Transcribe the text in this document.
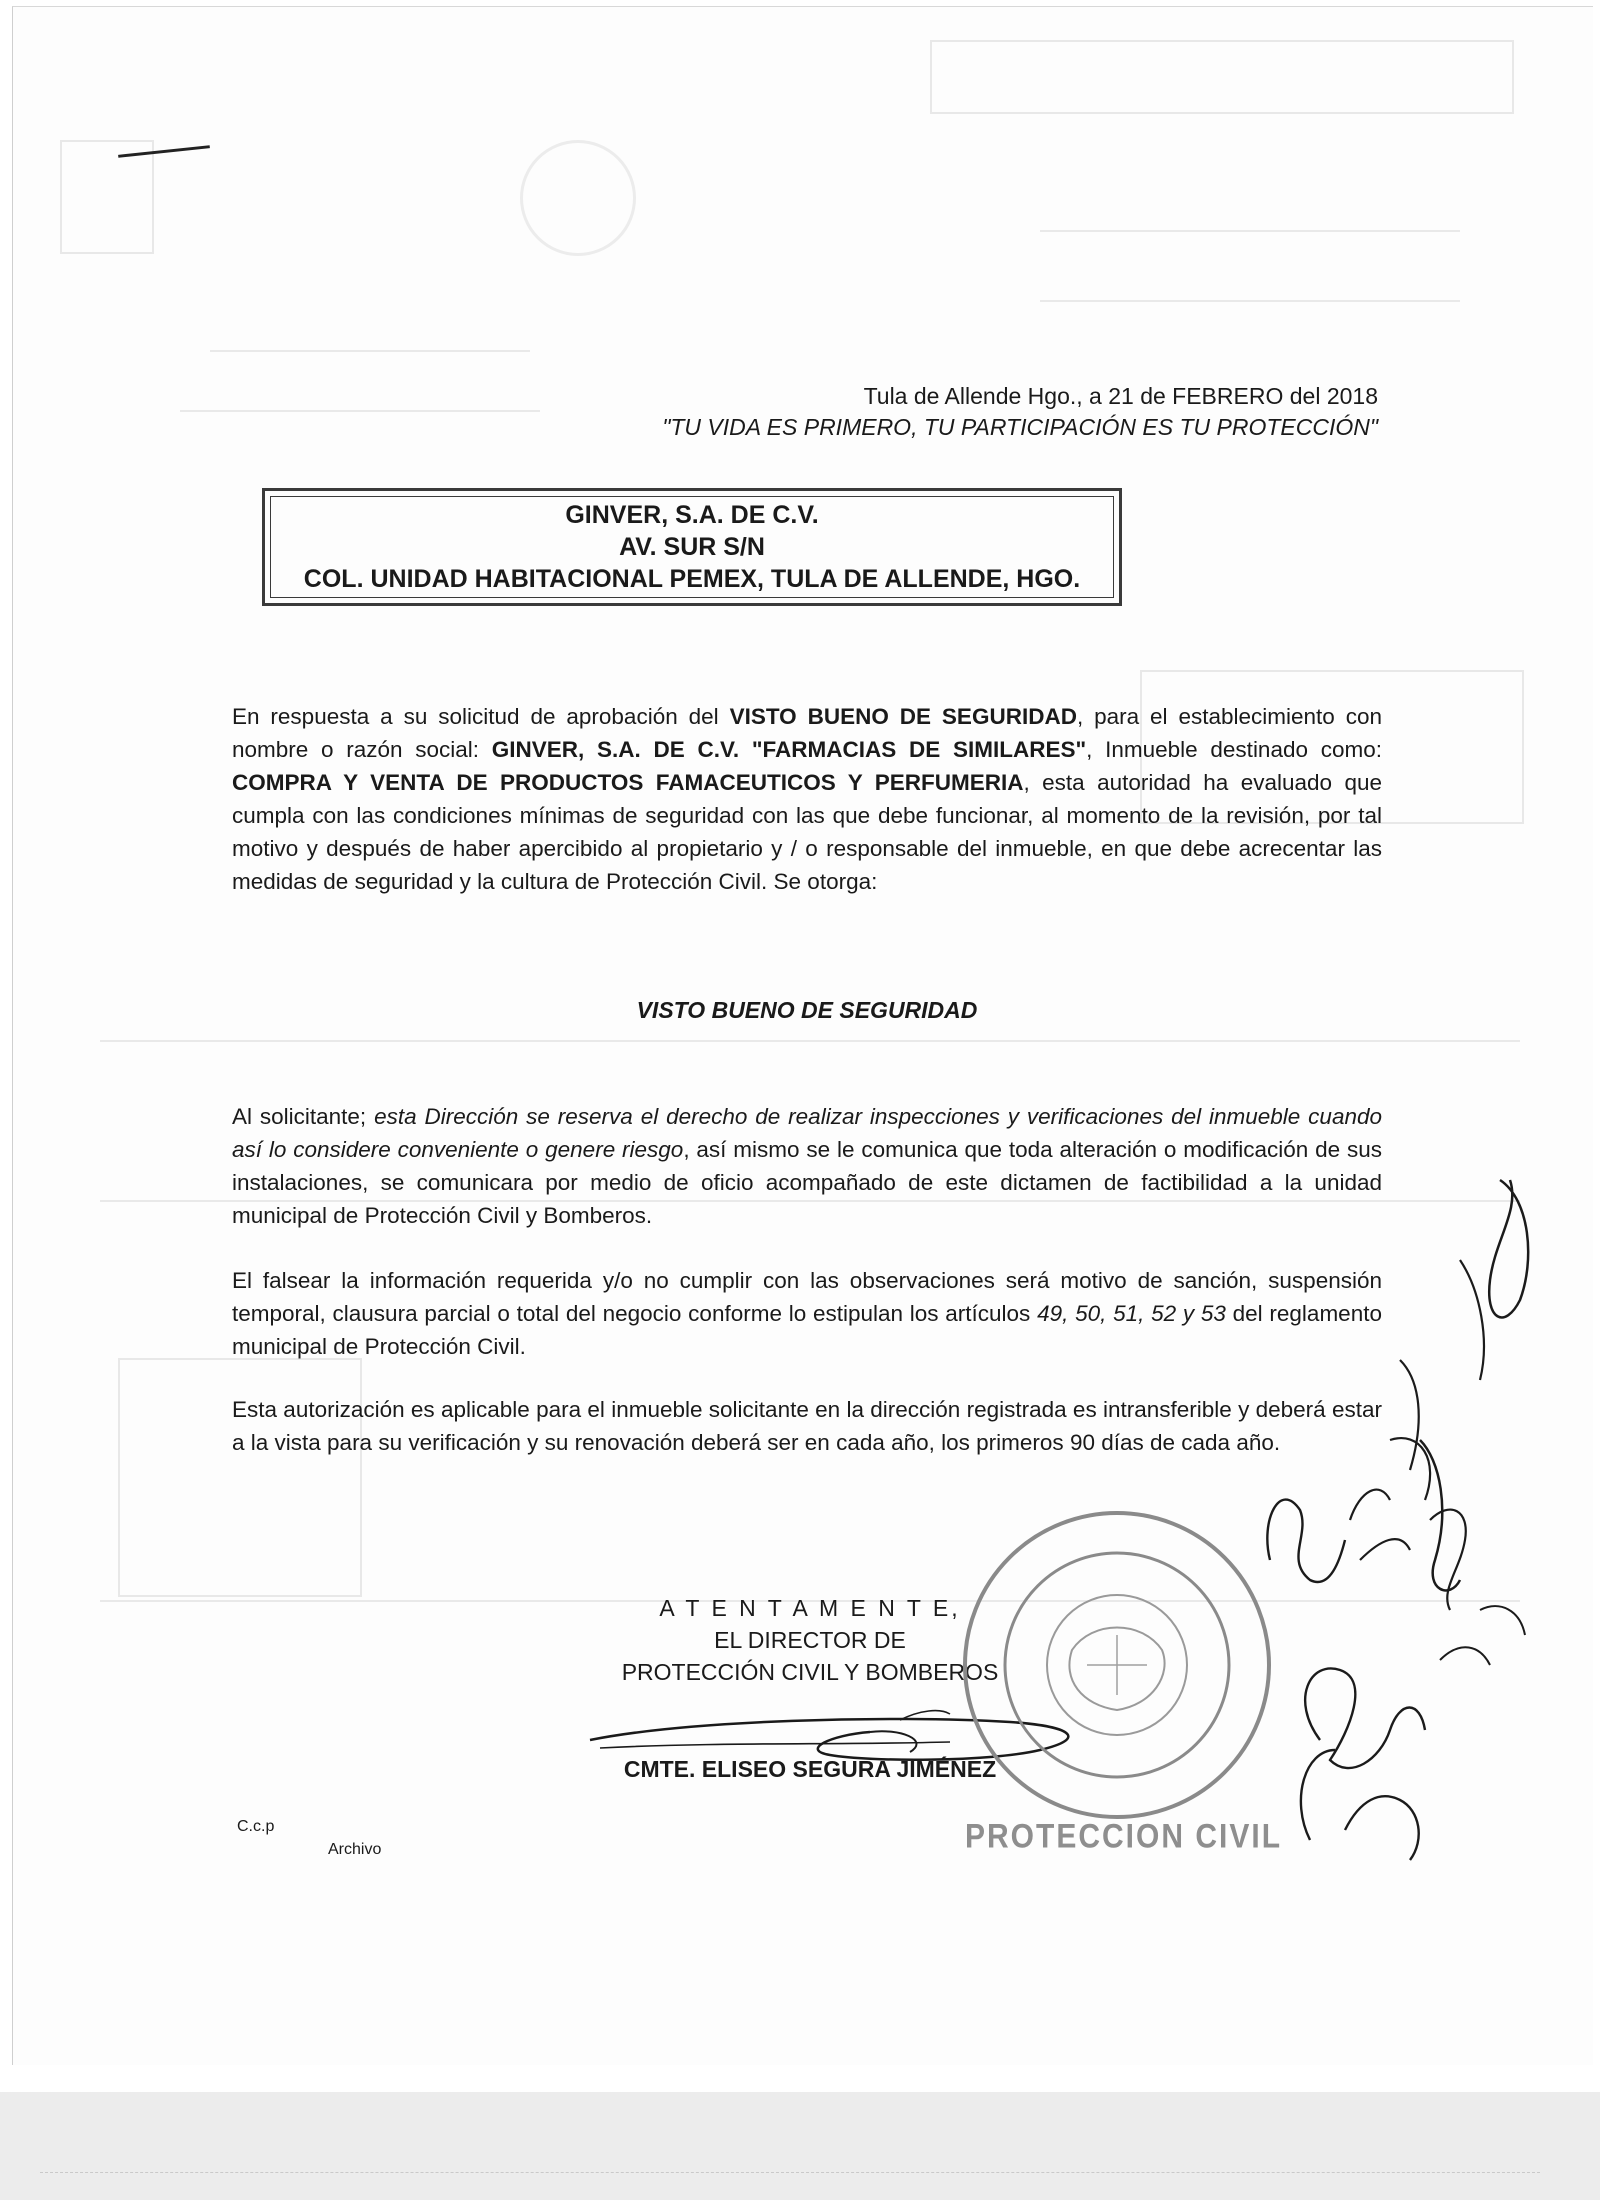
Tula de Allende Hgo., a 21 de FEBRERO del 2018
"TU VIDA ES PRIMERO, TU PARTICIPACIÓN ES TU PROTECCIÓN"
GINVER, S.A. DE C.V.
AV. SUR S/N
COL. UNIDAD HABITACIONAL PEMEX, TULA DE ALLENDE, HGO.
En respuesta a su solicitud de aprobación del VISTO BUENO DE SEGURIDAD, para el establecimiento con nombre o razón social: GINVER, S.A. DE C.V. "FARMACIAS DE SIMILARES", Inmueble destinado como: COMPRA Y VENTA DE PRODUCTOS FAMACEUTICOS Y PERFUMERIA, esta autoridad ha evaluado que cumpla con las condiciones mínimas de seguridad con las que debe funcionar, al momento de la revisión, por tal motivo y después de haber apercibido al propietario y / o responsable del inmueble, en que debe acrecentar las medidas de seguridad y la cultura de Protección Civil. Se otorga:
VISTO BUENO DE SEGURIDAD
Al solicitante; esta Dirección se reserva el derecho de realizar inspecciones y verificaciones del inmueble cuando así lo considere conveniente o genere riesgo, así mismo se le comunica que toda alteración o modificación de sus instalaciones, se comunicara por medio de oficio acompañado de este dictamen de factibilidad a la unidad municipal de Protección Civil y Bomberos.
El falsear la información requerida y/o no cumplir con las observaciones será motivo de sanción, suspensión temporal, clausura parcial o total del negocio conforme lo estipulan los artículos 49, 50, 51, 52 y 53 del reglamento municipal de Protección Civil.
Esta autorización es aplicable para el inmueble solicitante en la dirección registrada es intransferible y deberá estar a la vista para su verificación y su renovación deberá ser en cada año, los primeros 90 días de cada año.
A T E N T A M E N T E,
EL DIRECTOR DE
PROTECCIÓN CIVIL Y BOMBEROS
CMTE. ELISEO SEGURA JIMÉNEZ
C.c.p
Archivo	PROTECCION CIVIL
